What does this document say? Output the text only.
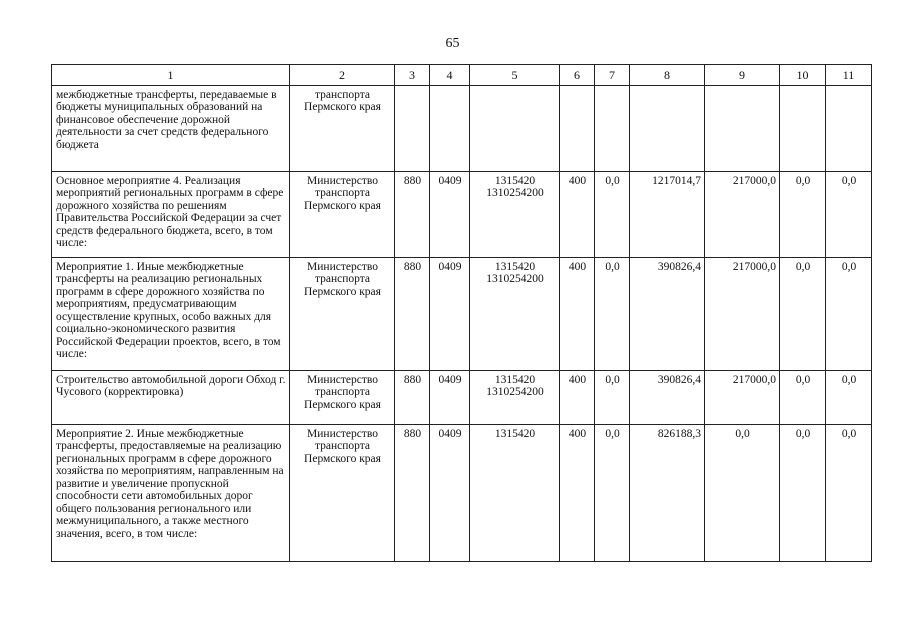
65
1	2	3	4	5	6	7	8	9	10	11
межбюджетные трансферты, передаваемые в бюджеты муниципальных образований на финансовое обеспечение дорожной деятельности за счет средств федерального бюджета	транспорта Пермского края									
Основное мероприятие 4. Реализация мероприятий региональных программ в сфере дорожного хозяйства по решениям Правительства Российской Федерации за счет средств федерального бюджета, всего, в том числе:	Министерство транспорта Пермского края	880	0409	1315420 1310254200	400	0,0	1217014,7	217000,0	0,0	0,0
Мероприятие 1. Иные межбюджетные трансферты на реализацию региональных программ в сфере дорожного хозяйства по мероприятиям, предусматривающим осуществление крупных, особо важных для социально-экономического развития Российской Федерации проектов, всего, в том числе:	Министерство транспорта Пермского края	880	0409	1315420 1310254200	400	0,0	390826,4	217000,0	0,0	0,0
Строительство автомобильной дороги Обход г. Чусового (корректировка)	Министерство транспорта Пермского края	880	0409	1315420 1310254200	400	0,0	390826,4	217000,0	0,0	0,0
Мероприятие 2. Иные межбюджетные трансферты, предоставляемые на реализацию региональных программ в сфере дорожного хозяйства по мероприятиям, направленным на развитие и увеличение пропускной способности сети автомобильных дорог общего пользования регионального или межмуниципального, а также местного значения, всего, в том числе:	Министерство транспорта Пермского края	880	0409	1315420	400	0,0	826188,3	0,0	0,0	0,0
